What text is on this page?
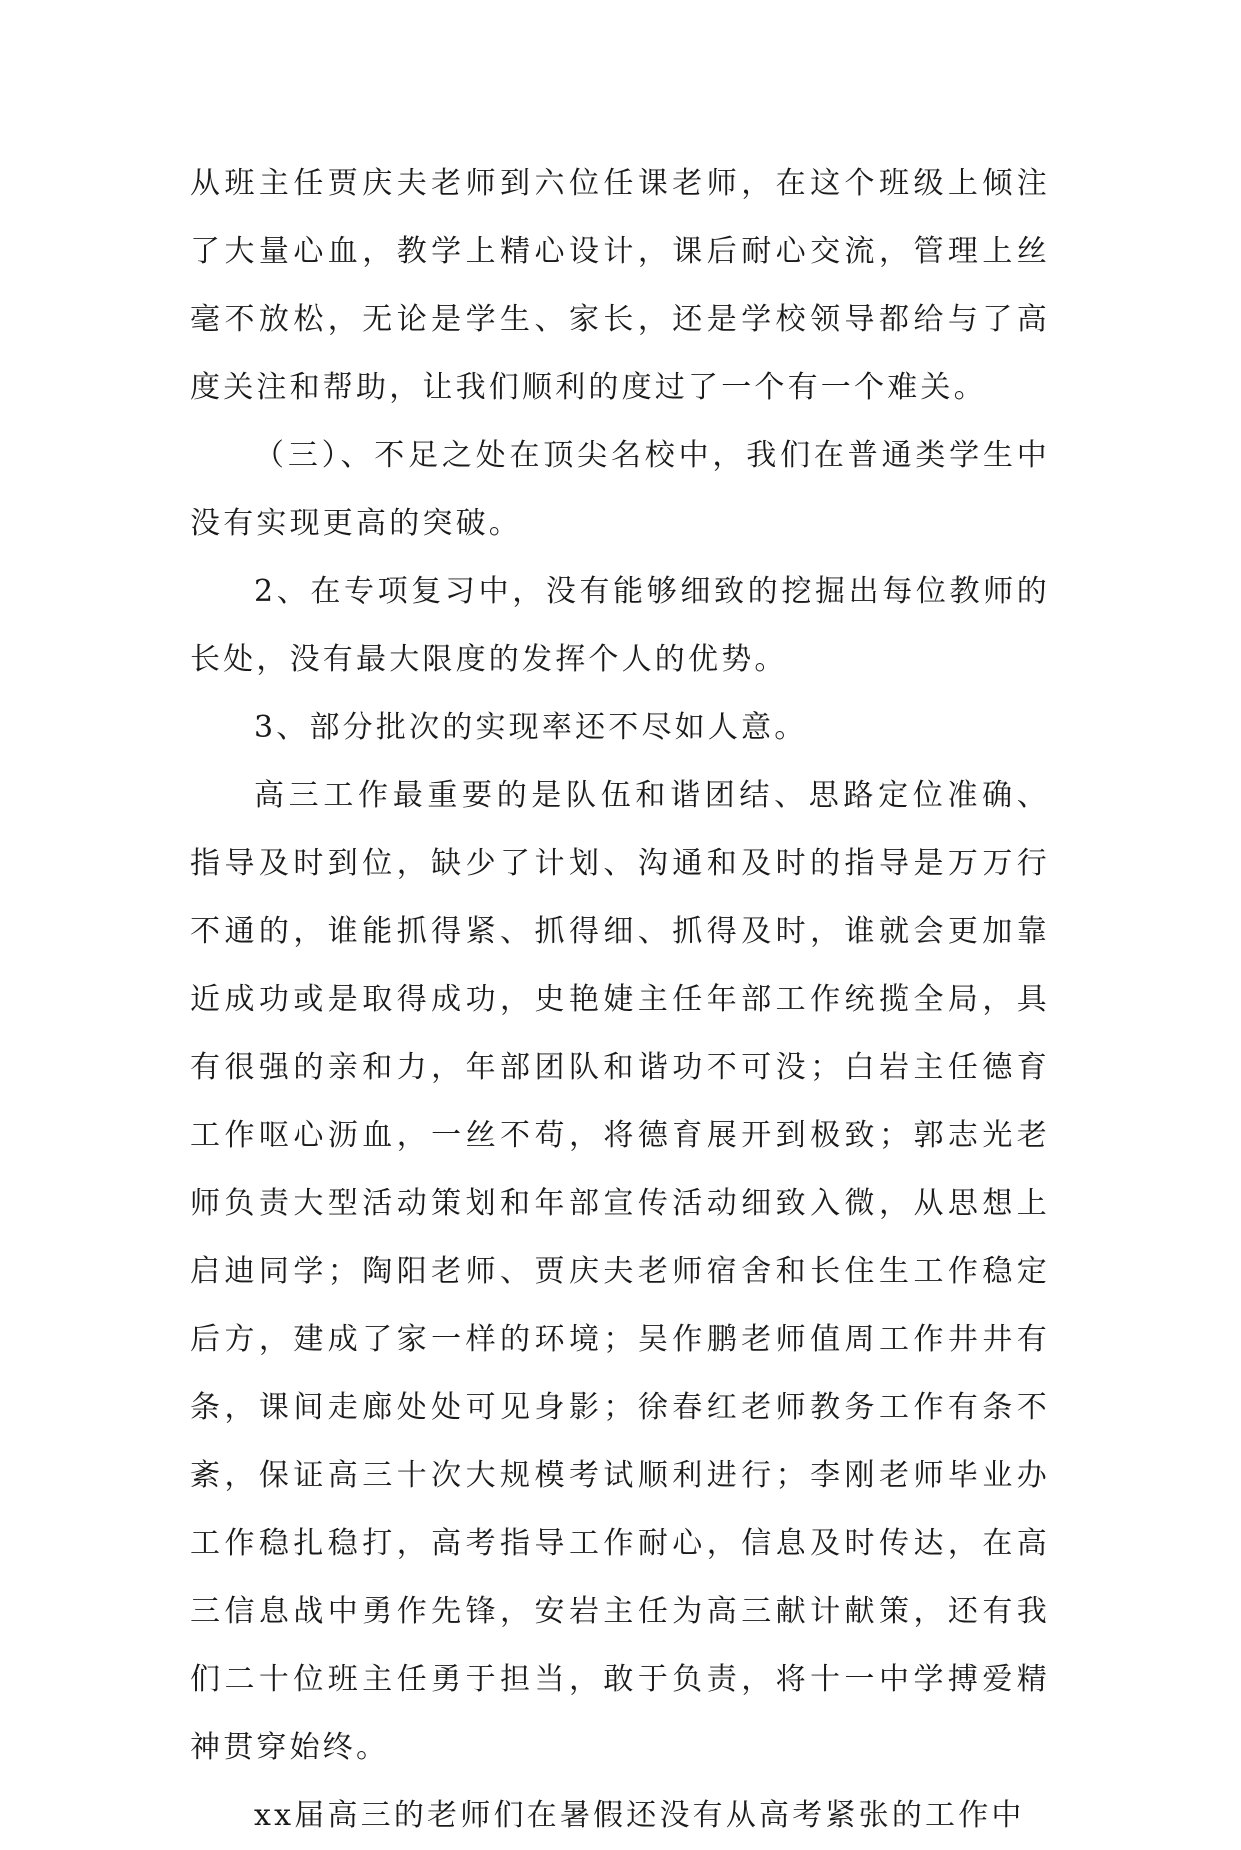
从班主任贾庆夫老师到六位任课老师，在这个班级上倾注了大量心血，教学上精心设计，课后耐心交流，管理上丝毫不放松，无论是学生、家长，还是学校领导都给与了高度关注和帮助，让我们顺利的度过了一个有一个难关。

（三）、不足之处在顶尖名校中，我们在普通类学生中没有实现更高的突破。

2、在专项复习中，没有能够细致的挖掘出每位教师的长处，没有最大限度的发挥个人的优势。

3、部分批次的实现率还不尽如人意。

高三工作最重要的是队伍和谐团结、思路定位准确、指导及时到位，缺少了计划、沟通和及时的指导是万万行不通的，谁能抓得紧、抓得细、抓得及时，谁就会更加靠近成功或是取得成功，史艳婕主任年部工作统揽全局，具有很强的亲和力，年部团队和谐功不可没；白岩主任德育工作呕心沥血，一丝不苟，将德育展开到极致；郭志光老师负责大型活动策划和年部宣传活动细致入微，从思想上启迪同学；陶阳老师、贾庆夫老师宿舍和长住生工作稳定后方，建成了家一样的环境；吴作鹏老师值周工作井井有条，课间走廊处处可见身影；徐春红老师教务工作有条不紊，保证高三十次大规模考试顺利进行；李刚老师毕业办工作稳扎稳打，高考指导工作耐心，信息及时传达，在高三信息战中勇作先锋，安岩主任为高三献计献策，还有我们二十位班主任勇于担当，敢于负责，将十一中学搏爱精神贯穿始终。

xx届高三的老师们在暑假还没有从高考紧张的工作中
